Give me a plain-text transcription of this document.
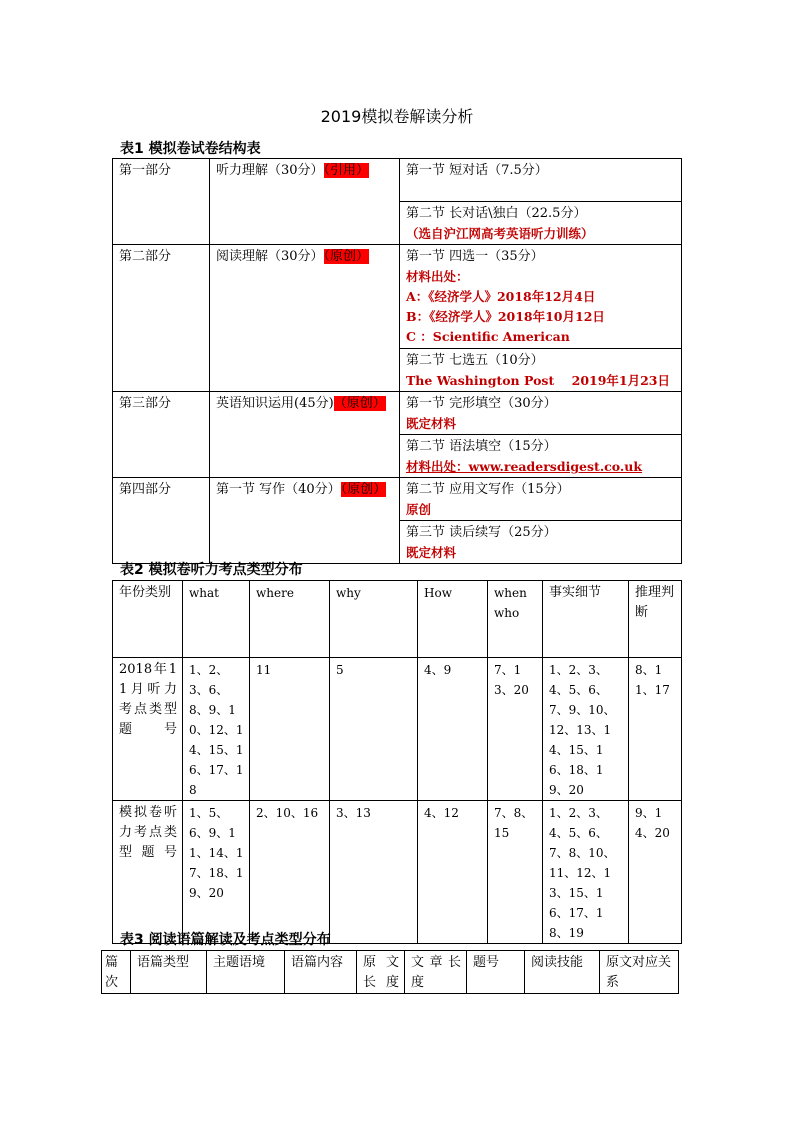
2019模拟卷解读分析
表1 模拟卷试卷结构表
第一部分	听力理解（30分）（引用）	第一节 短对话（7.5分）

		第二节 长对话\独白（22.5分）
（选自沪江网高考英语听力训练）

第二部分	阅读理解（30分）（原创）	第一节 四选一（35分）
材料出处：
A：《经济学人》2018年12月4日
B：《经济学人》2018年10月12日
C ：Scientific American

		第二节 七选五（10分）
The Washington Post    2019年1月23日

第三部分	英语知识运用(45分)（原创）	第一节 完形填空（30分）
既定材料

		第二节 语法填空（15分）
材料出处：www.readersdigest.co.uk

第四部分	第一节 写作（40分）（原创）	第二节 应用文写作（15分）
原创

		第三节 读后续写（25分）
既定材料
表2 模拟卷听力考点类型分布
年份类别	what	where	why	How	when who	事实细节	推理判断
2018年11月听力考点类型题号	1、2、3、6、8、9、10、12、14、15、16、17、18	11	5	4、9	7、13、20	1、2、3、4、5、6、7、9、10、12、13、14、15、16、18、19、20	8、11、17
模拟卷听力考点类型题号	1、5、6、9、11、14、17、18、19、20	2、10、16	3、13	4、12	7、8、15	1、2、3、4、5、6、7、8、10、11、12、13、15、16、17、18、19	9、14、20
表3 阅读语篇解读及考点类型分布
篇次	语篇类型	主题语境	语篇内容	原文长度	文章长度	题号	阅读技能	原文对应关系
